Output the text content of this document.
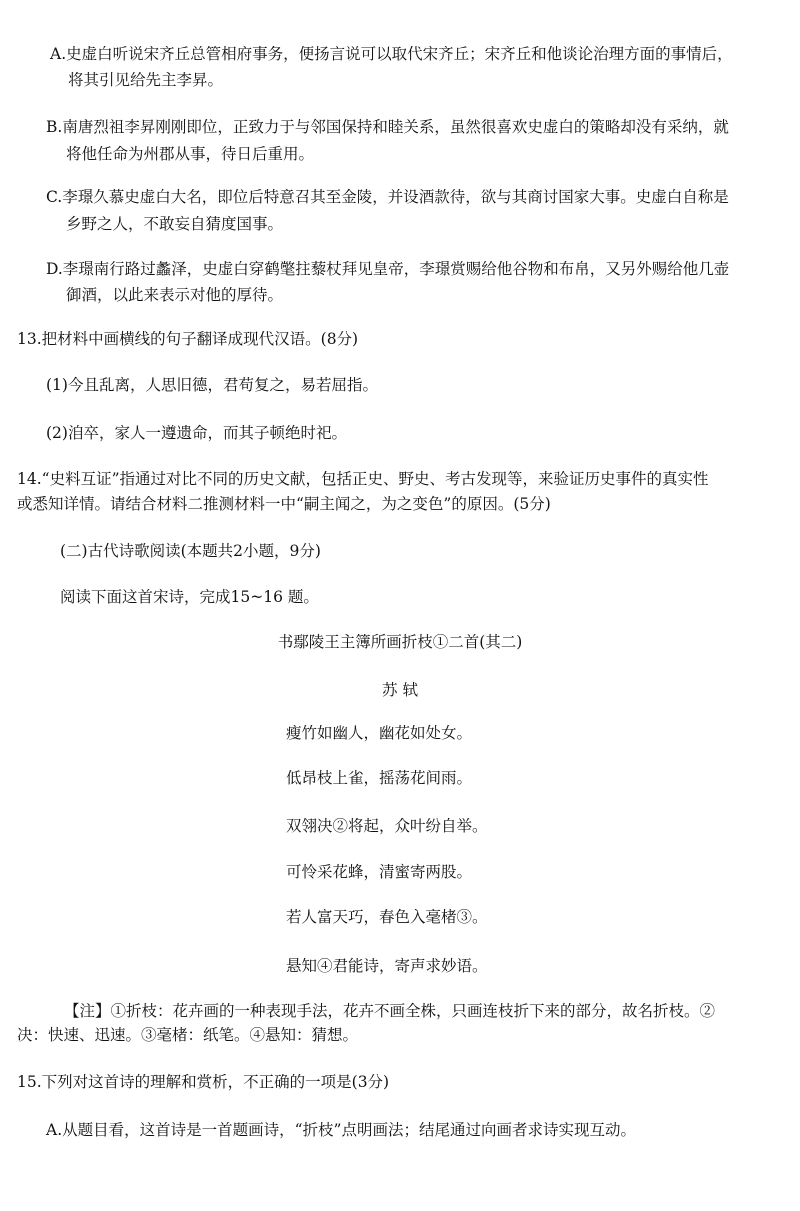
A.史虚白听说宋齐丘总管相府事务，便扬言说可以取代宋齐丘；宋齐丘和他谈论治理方面的事情后，
将其引见给先主李昇。
B.南唐烈祖李昇刚刚即位，正致力于与邻国保持和睦关系，虽然很喜欢史虚白的策略却没有采纳，就
将他任命为州郡从事，待日后重用。
C.李璟久慕史虚白大名，即位后特意召其至金陵，并设酒款待，欲与其商讨国家大事。史虚白自称是
乡野之人，不敢妄自猜度国事。
D.李璟南行路过蠡泽，史虚白穿鹤氅拄藜杖拜见皇帝，李璟赏赐给他谷物和布帛，又另外赐给他几壶
御酒，以此来表示对他的厚待。
13.把材料中画横线的句子翻译成现代汉语。(8分)
(1)今且乱离，人思旧德，君苟复之，易若屈指。
(2)洎卒，家人一遵遗命，而其子顿绝时祀。
14.“史料互证”指通过对比不同的历史文献，包括正史、野史、考古发现等，来验证历史事件的真实性
或悉知详情。请结合材料二推测材料一中“嗣主闻之，为之变色”的原因。(5分)
(二)古代诗歌阅读(本题共2小题，9分)
阅读下面这首宋诗，完成15~16 题。
书鄢陵王主簿所画折枝①二首(其二)
苏 轼
瘦竹如幽人，幽花如处女。
低昂枝上雀，摇荡花间雨。
双翎决②将起，众叶纷自举。
可怜采花蜂，清蜜寄两股。
若人富天巧，春色入毫楮③。
悬知④君能诗，寄声求妙语。
【注】①折枝：花卉画的一种表现手法，花卉不画全株，只画连枝折下来的部分，故名折枝。②
决：快速、迅速。③毫楮：纸笔。④悬知：猜想。
15.下列对这首诗的理解和赏析，不正确的一项是(3分)
A.从题目看，这首诗是一首题画诗，“折枝”点明画法；结尾通过向画者求诗实现互动。
